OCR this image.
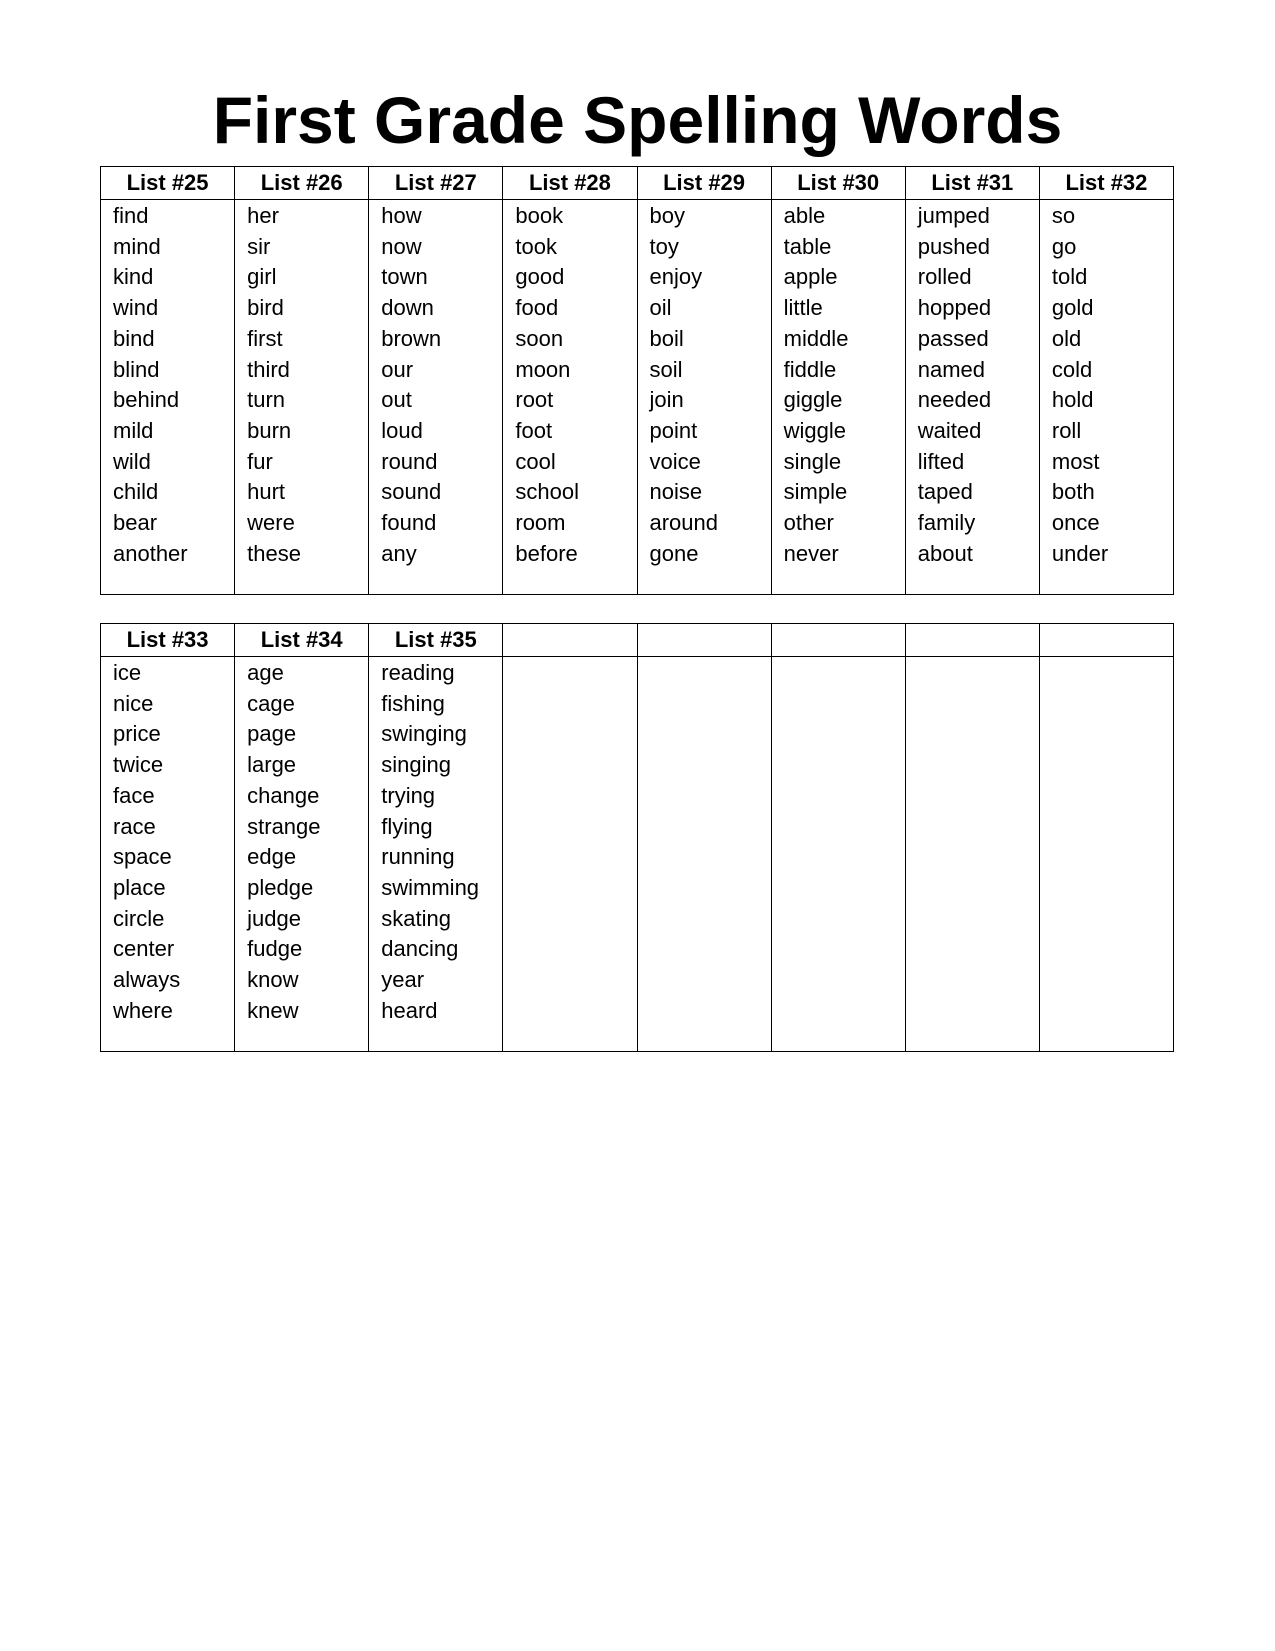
First Grade Spelling Words
List #25
find
mind
kind
wind
bind
blind
behind
mild
wild
child
bear
another
List #26
her
sir
girl
bird
first
third
turn
burn
fur
hurt
were
these
List #27
how
now
town
down
brown
our
out
loud
round
sound
found
any
List #28
book
took
good
food
soon
moon
root
foot
cool
school
room
before
List #29
boy
toy
enjoy
oil
boil
soil
join
point
voice
noise
around
gone
List #30
able
table
apple
little
middle
fiddle
giggle
wiggle
single
simple
other
never
List #31
jumped
pushed
rolled
hopped
passed
named
needed
waited
lifted
taped
family
about
List #32
so
go
told
gold
old
cold
hold
roll
most
both
once
under
List #33
ice
nice
price
twice
face
race
space
place
circle
center
always
where
List #34
age
cage
page
large
change
strange
edge
pledge
judge
fudge
know
knew
List #35
reading
fishing
swinging
singing
trying
flying
running
swimming
skating
dancing
year
heard
